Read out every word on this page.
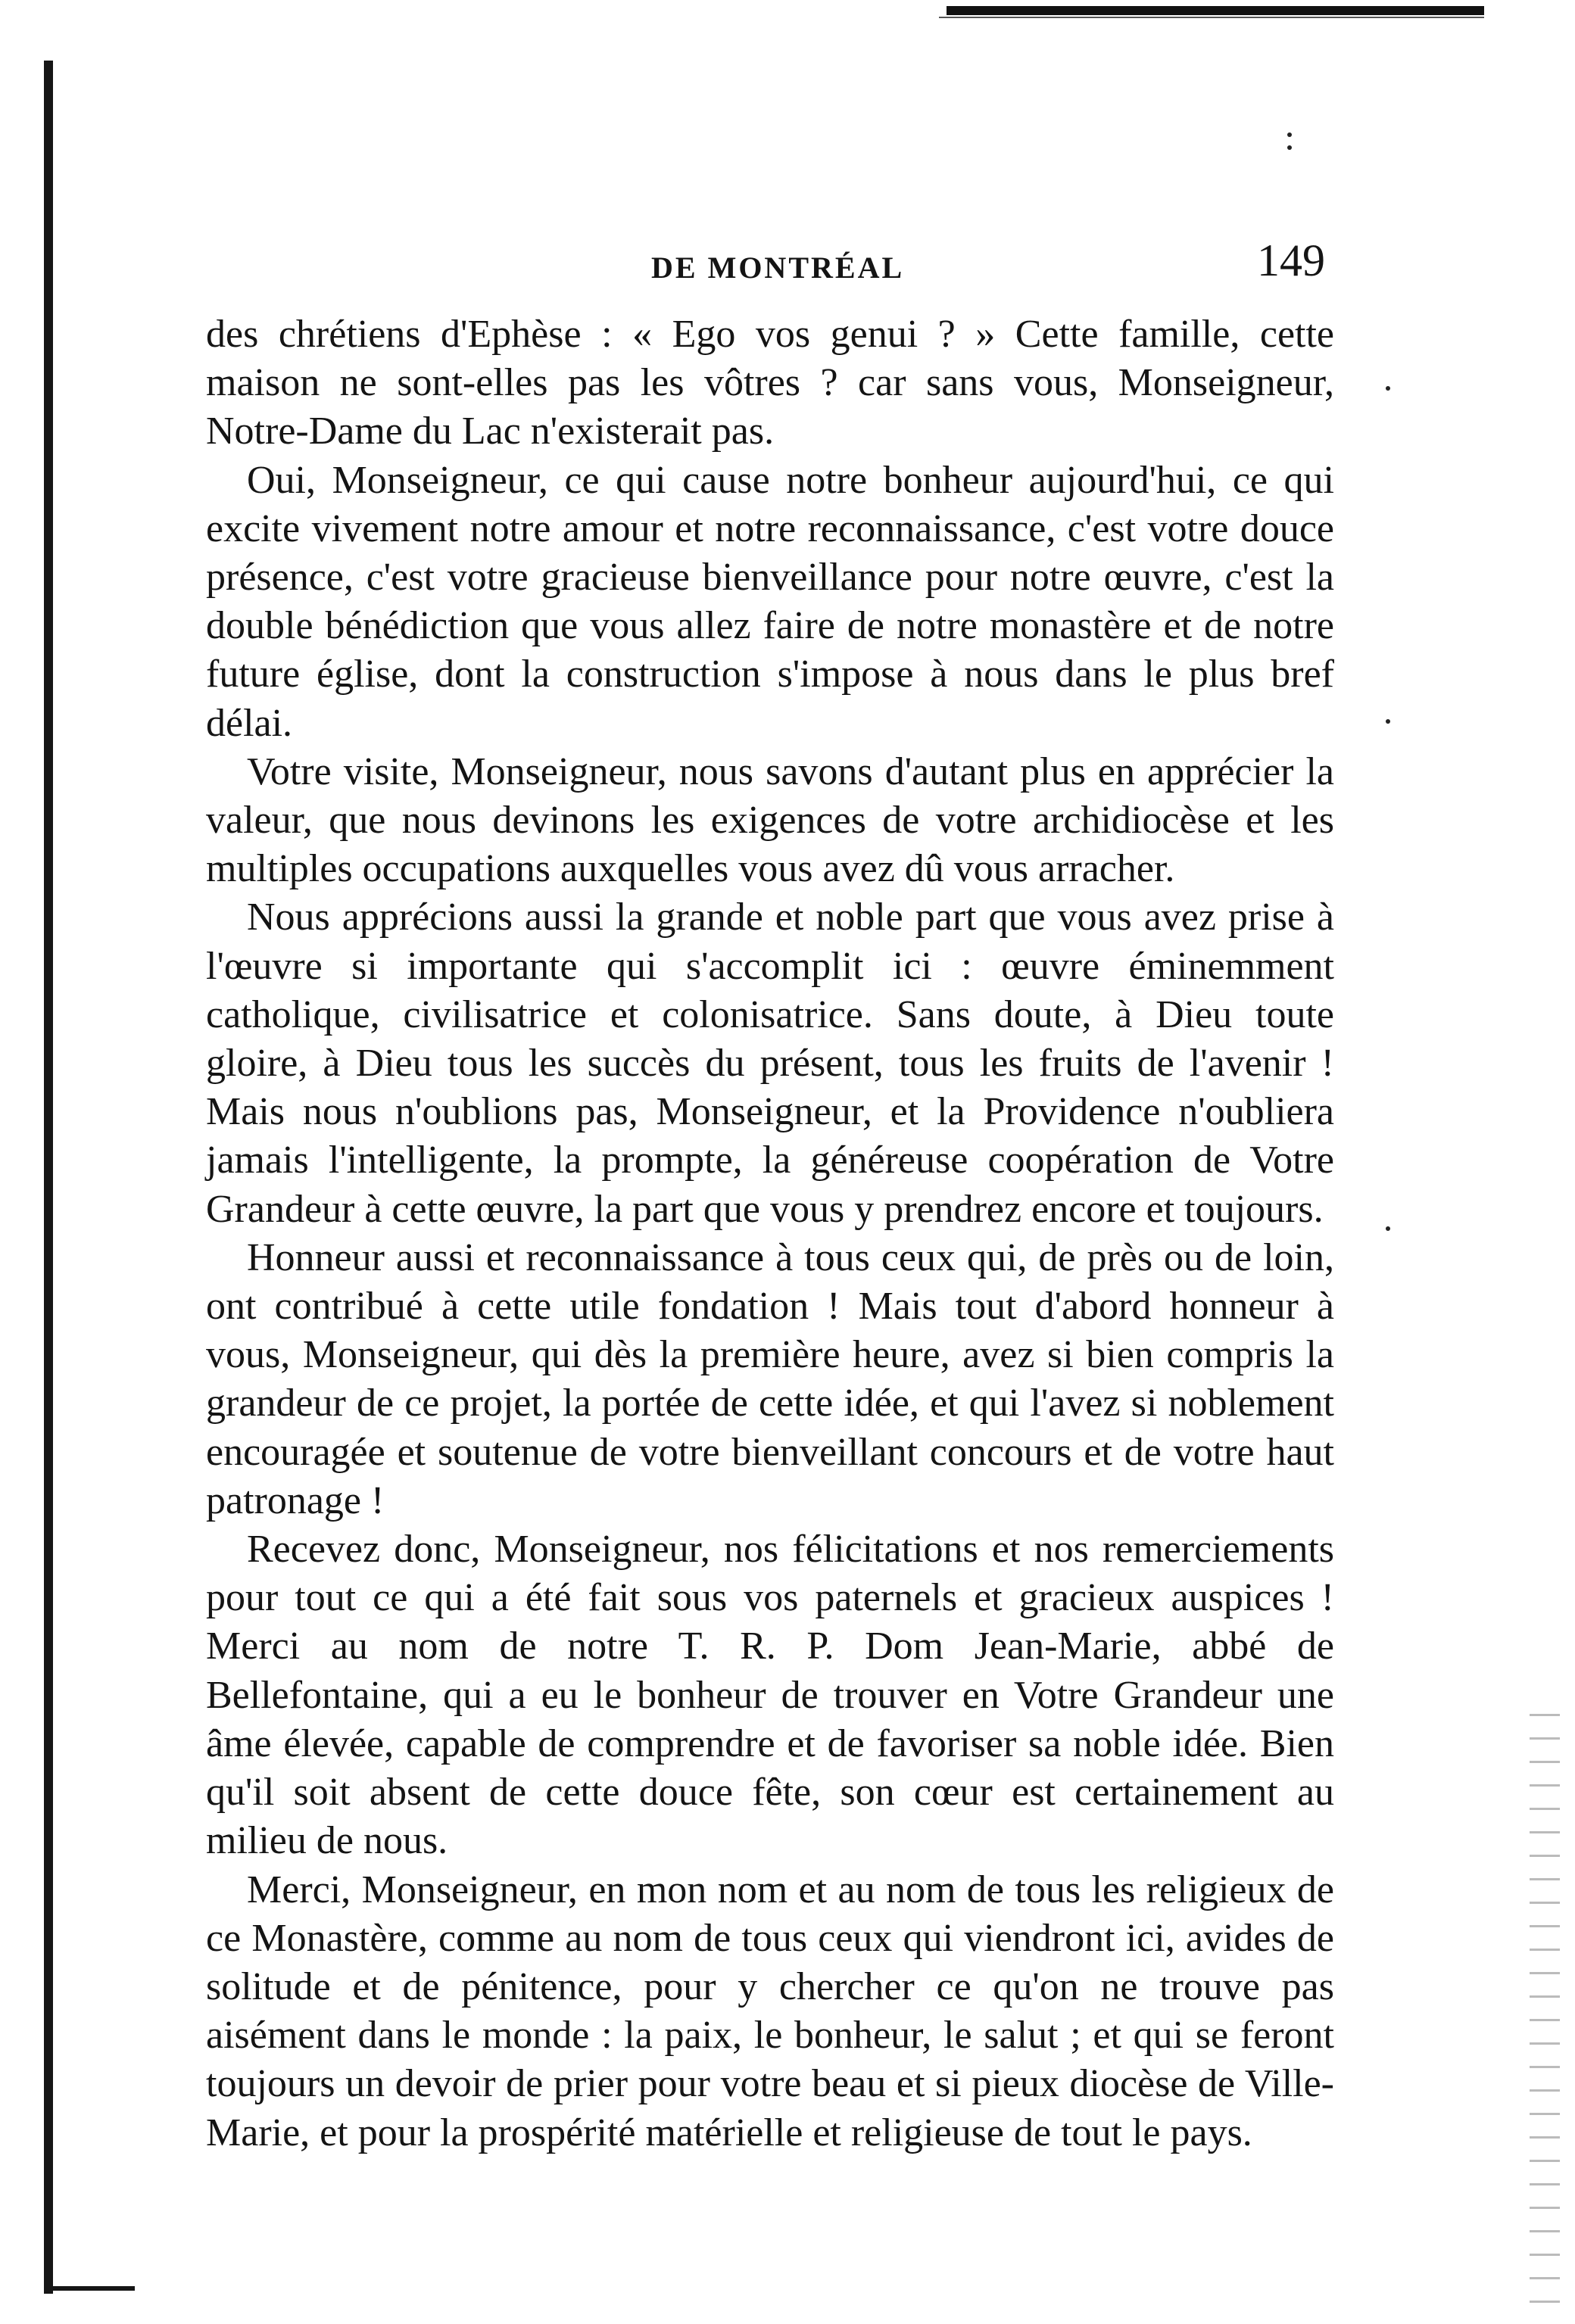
DE MONTRÉAL	149

des chrétiens d'Ephèse : « Ego vos genui ? » Cette famille, cette maison ne sont-elles pas les vôtres ? car sans vous, Monseigneur, Notre-Dame du Lac n'existerait pas.

Oui, Monseigneur, ce qui cause notre bonheur aujourd'hui, ce qui excite vivement notre amour et notre reconnaissance, c'est votre douce présence, c'est votre gracieuse bienveillance pour notre œuvre, c'est la double bénédiction que vous allez faire de notre monastère et de notre future église, dont la construction s'impose à nous dans le plus bref délai.

Votre visite, Monseigneur, nous savons d'autant plus en apprécier la valeur, que nous devinons les exigences de votre archidiocèse et les multiples occupations auxquelles vous avez dû vous arracher.

Nous apprécions aussi la grande et noble part que vous avez prise à l'œuvre si importante qui s'accomplit ici : œuvre éminemment catholique, civilisatrice et colonisatrice. Sans doute, à Dieu toute gloire, à Dieu tous les succès du présent, tous les fruits de l'avenir ! Mais nous n'oublions pas, Monseigneur, et la Providence n'oubliera jamais l'intelligente, la prompte, la généreuse coopération de Votre Grandeur à cette œuvre, la part que vous y prendrez encore et toujours.

Honneur aussi et reconnaissance à tous ceux qui, de près ou de loin, ont contribué à cette utile fondation ! Mais tout d'abord honneur à vous, Monseigneur, qui dès la première heure, avez si bien compris la grandeur de ce projet, la portée de cette idée, et qui l'avez si noblement encouragée et soutenue de votre bienveillant concours et de votre haut patronage !

Recevez donc, Monseigneur, nos félicitations et nos remerciements pour tout ce qui a été fait sous vos paternels et gracieux auspices ! Merci au nom de notre T. R. P. Dom Jean-Marie, abbé de Bellefontaine, qui a eu le bonheur de trouver en Votre Grandeur une âme élevée, capable de comprendre et de favoriser sa noble idée. Bien qu'il soit absent de cette douce fête, son cœur est certainement au milieu de nous.

Merci, Monseigneur, en mon nom et au nom de tous les religieux de ce Monastère, comme au nom de tous ceux qui viendront ici, avides de solitude et de pénitence, pour y chercher ce qu'on ne trouve pas aisément dans le monde : la paix, le bonheur, le salut ; et qui se feront toujours un devoir de prier pour votre beau et si pieux diocèse de Ville-Marie, et pour la prospérité matérielle et religieuse de tout le pays.
